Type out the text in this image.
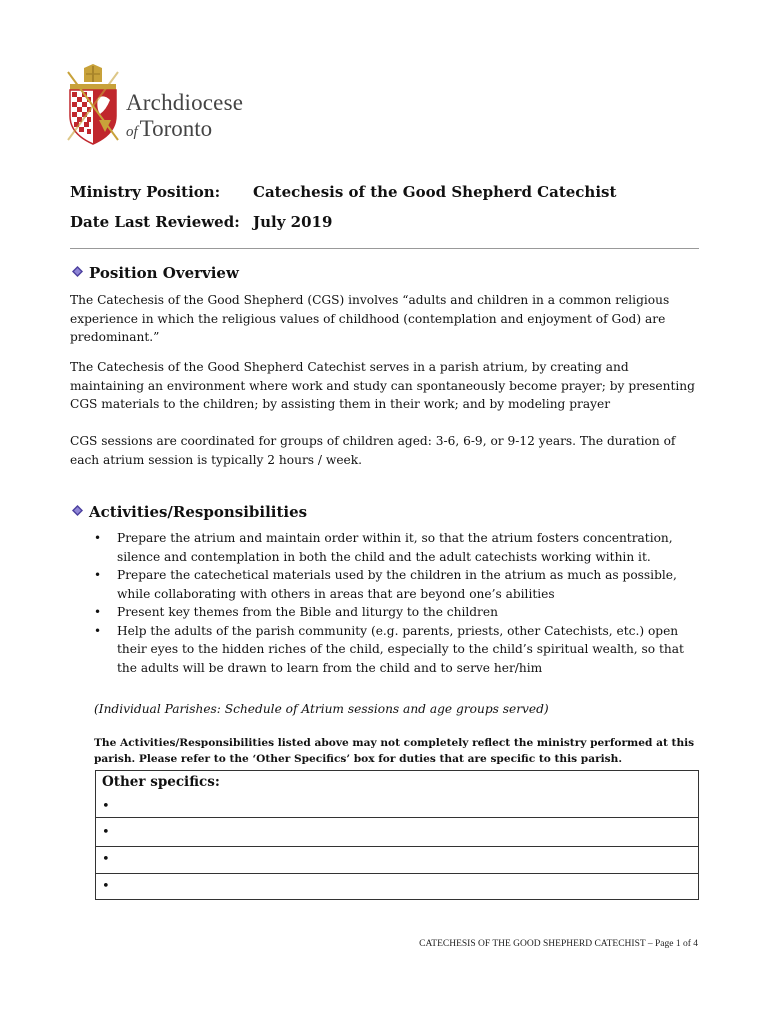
Archdiocese
ofToronto
Ministry Position: Catechesis of the Good Shepherd Catechist
Date Last Reviewed: July 2019
Position Overview

The Catechesis of the Good Shepherd (CGS) involves “adults and children in a common religious experience in which the religious values of childhood (contemplation and enjoyment of God) are predominant.”

The Catechesis of the Good Shepherd Catechist serves in a parish atrium, by creating and maintaining an environment where work and study can spontaneously become prayer; by presenting CGS materials to the children; by assisting them in their work; and by modeling prayer

CGS sessions are coordinated for groups of children aged: 3-6, 6-9, or 9-12 years. The duration of each atrium session is typically 2 hours / week.

Activities/Responsibilities
• Prepare the atrium and maintain order within it, so that the atrium fosters concentration, silence and contemplation in both the child and the adult catechists working within it.
• Prepare the catechetical materials used by the children in the atrium as much as possible, while collaborating with others in areas that are beyond one’s abilities
• Present key themes from the Bible and liturgy to the children
• Help the adults of the parish community (e.g. parents, priests, other Catechists, etc.) open their eyes to the hidden riches of the child, especially to the child’s spiritual wealth, so that the adults will be drawn to learn from the child and to serve her/him
(Individual Parishes: Schedule of Atrium sessions and age groups served)

The Activities/Responsibilities listed above may not completely reflect the ministry performed at this parish. Please refer to the ‘Other Specifics’ box for duties that are specific to this parish.

Other specifics:
•
•
•
•
CATECHESIS OF THE GOOD SHEPHERD CATECHIST – Page 1 of 4
